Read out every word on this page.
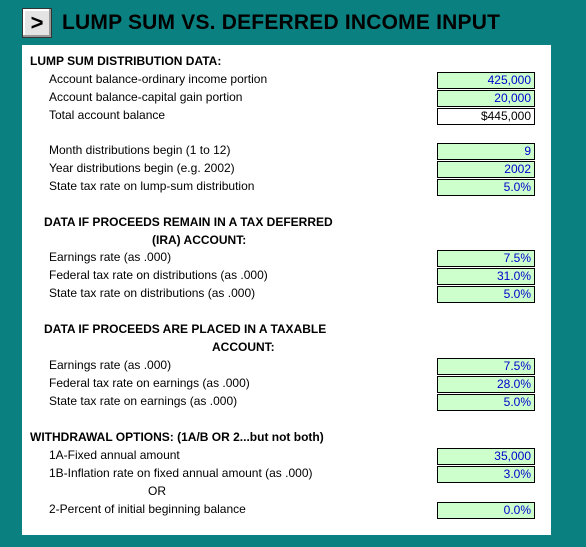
> LUMP SUM VS. DEFERRED INCOME INPUT
LUMP SUM DISTRIBUTION DATA:
Account balance-ordinary income portion	425,000
Account balance-capital gain portion	20,000
Total account balance	$445,000
Month distributions begin (1 to 12)	9
Year distributions begin (e.g. 2002)	2002
State tax rate on lump-sum distribution	5.0%
DATA IF PROCEEDS REMAIN IN A TAX DEFERRED
(IRA) ACCOUNT:
Earnings rate (as .000)	7.5%
Federal tax rate on distributions (as .000)	31.0%
State tax rate on distributions (as .000)	5.0%
DATA IF PROCEEDS ARE PLACED IN A TAXABLE
ACCOUNT:
Earnings rate (as .000)	7.5%
Federal tax rate on earnings (as .000)	28.0%
State tax rate on earnings (as .000)	5.0%
WITHDRAWAL OPTIONS: (1A/B OR 2...but not both)
1A-Fixed annual amount	35,000
1B-Inflation rate on fixed annual amount (as .000)	3.0%
OR
2-Percent of initial beginning balance	0.0%
